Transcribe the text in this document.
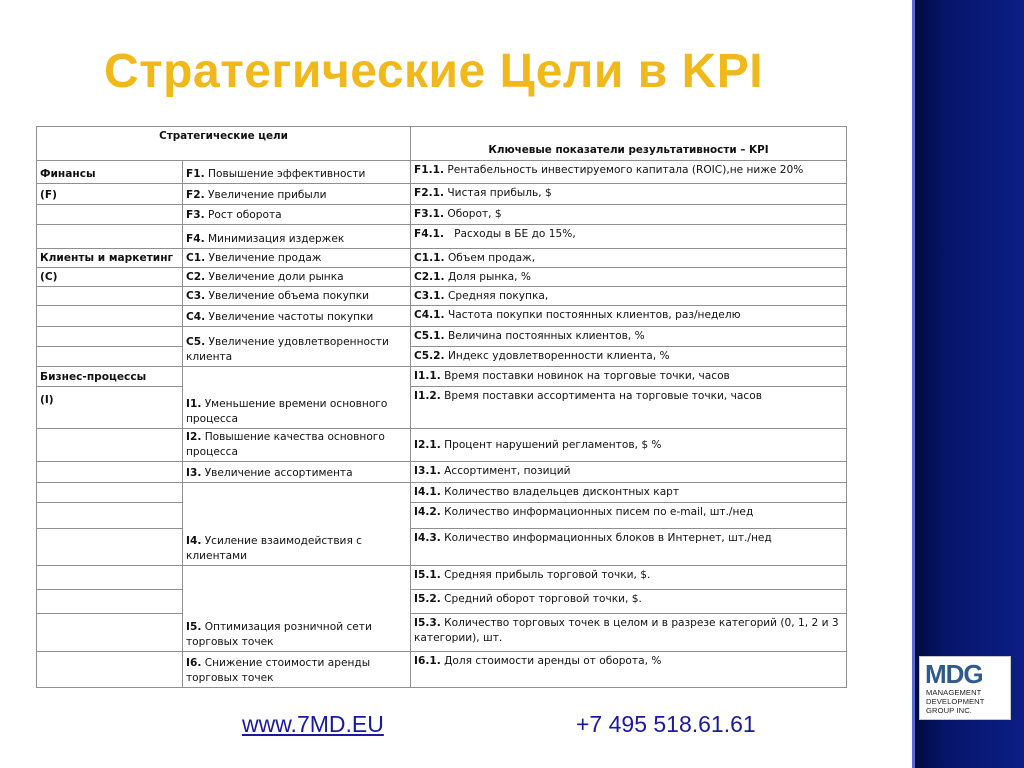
Стратегические Цели в KPI
Стратегические цели		Ключевые показатели результативности – KPI

Финансы	F1. Повышение эффективности	F1.1. Рентабельность инвестируемого капитала (ROIC),не ниже 20%
(F)	F2. Увеличение прибыли	F2.1. Чистая прибыль, $
	F3. Рост оборота	F3.1. Оборот, $
	F4. Минимизация издержек	F4.1.   Расходы в БЕ до 15%,
Клиенты и маркетинг	C1. Увеличение продаж	C1.1. Объем продаж,
(C)	C2. Увеличение доли рынка	C2.1. Доля рынка, %
	C3. Увеличение объема покупки	C3.1. Средняя покупка,
	C4. Увеличение частоты покупки	C4.1. Частота покупки постоянных клиентов, раз/неделю
	C5. Увеличение удовлетворенности клиента	C5.1. Величина постоянных клиентов, %
		C5.2. Индекс удовлетворенности клиента, %
Бизнес-процессы	I1. Уменьшение времени основного процесса	I1.1. Время поставки новинок на торговые точки, часов
(I)		I1.2. Время поставки ассортимента на торговые точки, часов
	I2. Повышение качества основного процесса	I2.1. Процент нарушений регламентов, $ %
	I3. Увеличение ассортимента	I3.1. Ассортимент, позиций
	I4. Усиление взаимодействия с клиентами	I4.1. Количество владельцев дисконтных карт
		I4.2. Количество информационных писем по e-mail, шт./нед
		I4.3. Количество информационных блоков в Интернет, шт./нед
	I5. Оптимизация розничной сети торговых точек	I5.1. Средняя прибыль торговой точки, $.
		I5.2. Средний оборот торговой точки, $.
		I5.3. Количество торговых точек в целом и в разрезе категорий (0, 1, 2 и 3 категории), шт.
	I6. Снижение стоимости аренды торговых точек	I6.1. Доля стоимости аренды от оборота, %
www.7MD.EU	+7 495 518.61.61
MDG
MANAGEMENT DEVELOPMENT GROUP INC.
